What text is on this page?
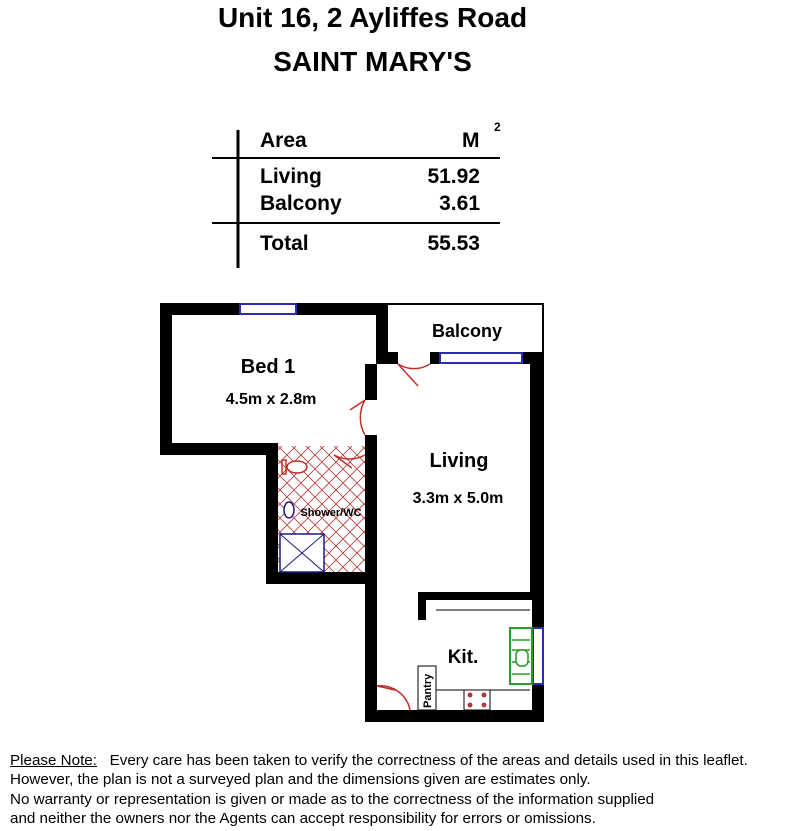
Unit 16, 2 Ayliffes Road
SAINT MARY'S
Area	M
2
Living	51.92
Balcony	3.61
Total	55.53
Bed 1
4.5m x 2.8m
Balcony
Living
3.3m x 5.0m
Shower/WC
Kit.
Pantry
Please Note: Every care has been taken to verify the correctness of the areas and details used in this leaflet.
However, the plan is not a surveyed plan and the dimensions given are estimates only.
No warranty or representation is given or made as to the correctness of the information supplied
and neither the owners nor the Agents can accept responsibility for errors or omissions.
